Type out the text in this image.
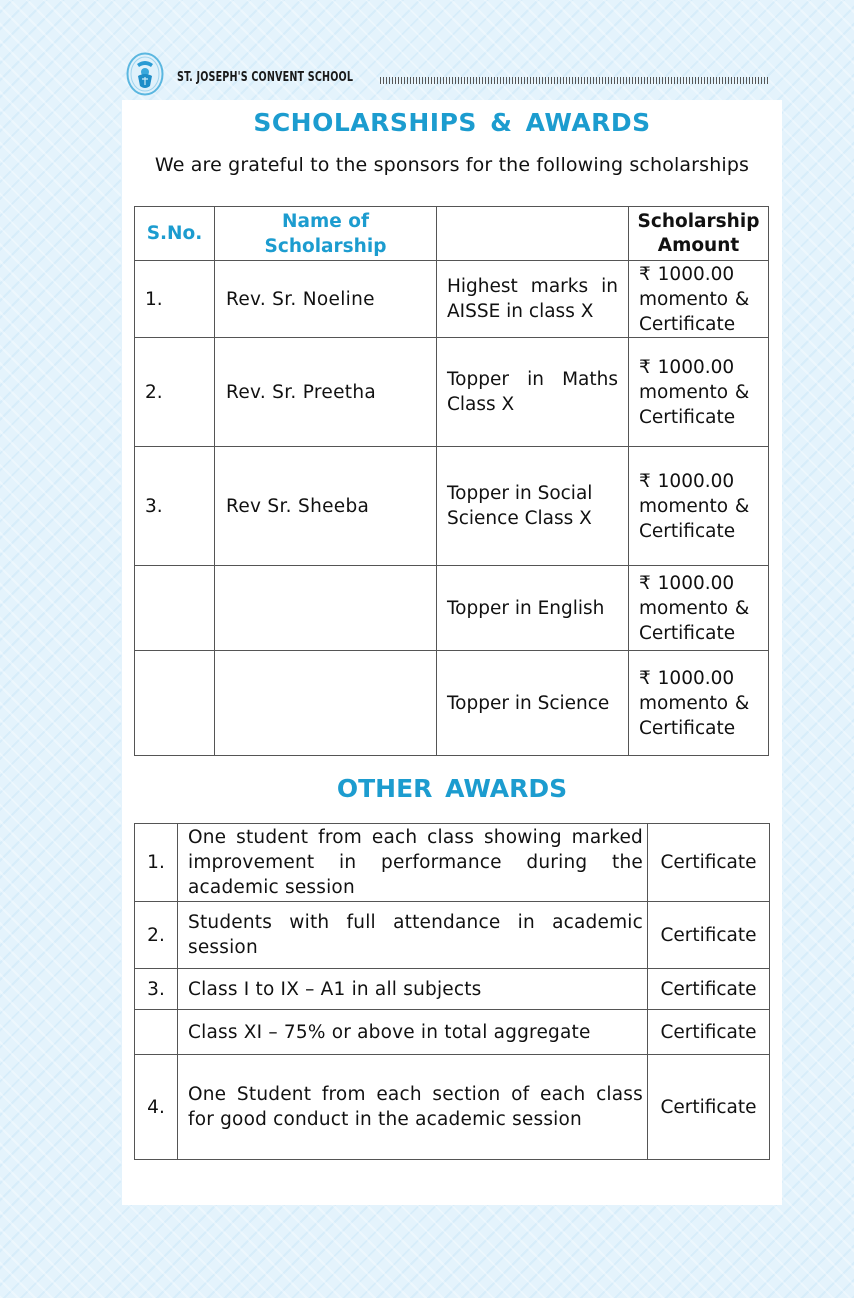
ST. JOSEPH'S CONVENT SCHOOL
SCHOLARSHIPS & AWARDS
We are grateful to the sponsors for the following scholarships
S.No.	Name of Scholarship		Scholarship Amount
1.	Rev. Sr. Noeline	Highest marks in AISSE in class X	₹ 1000.00
momento &
Certificate

2.	Rev. Sr. Preetha	Topper in Maths Class X	₹ 1000.00
momento &
Certificate

3.	Rev Sr. Sheeba	Topper in Social Science Class X	₹ 1000.00
momento &
Certificate

		Topper in English	₹ 1000.00
momento &
Certificate

		Topper in Science	₹ 1000.00
momento &
Certificate
OTHER AWARDS
1.	One student from each class showing marked improvement in performance during the academic session	Certificate
2.	Students with full attendance in academic session	Certificate
3.	Class I to IX – A1 in all subjects	Certificate
	Class XI – 75% or above in total aggregate	Certificate
4.	One Student from each section of each class for good conduct in the academic session	Certificate
